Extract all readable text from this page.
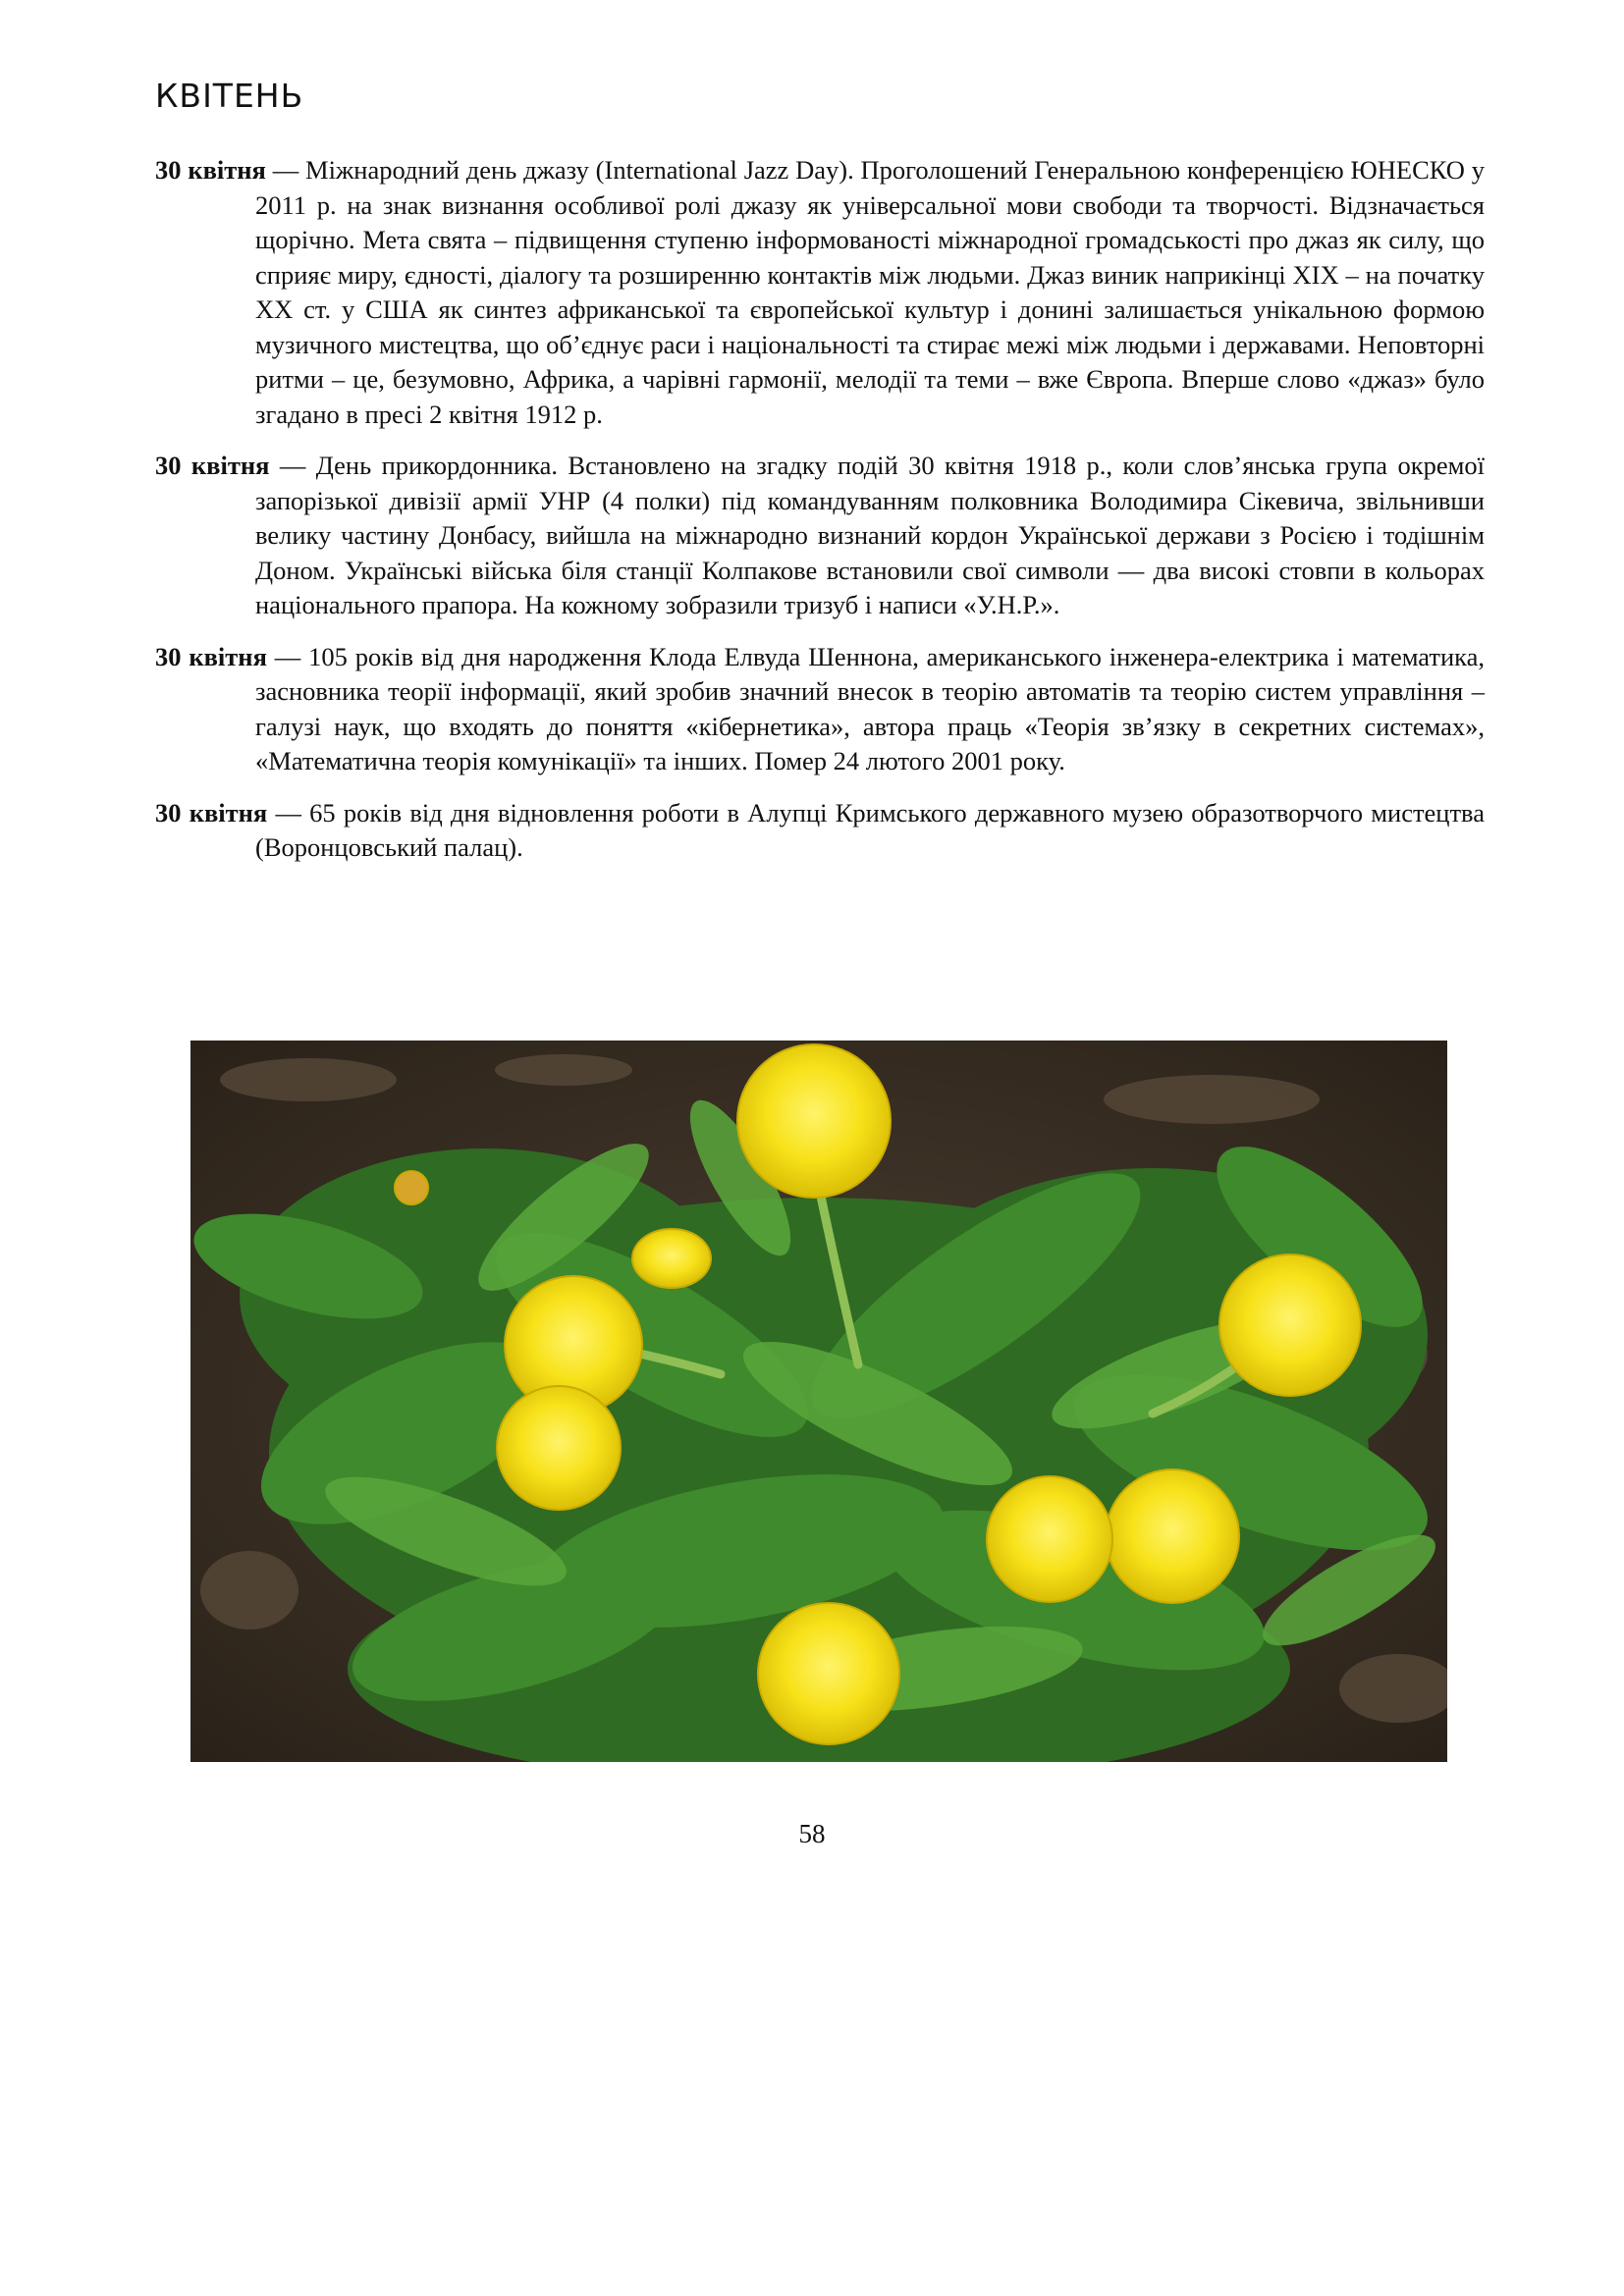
КВІТЕНЬ

30 квітня — Міжнародний день джазу (International Jazz Day). Проголошений Генеральною конференцією ЮНЕСКО у 2011 р. на знак визнання особливої ролі джазу як універсальної мови свободи та творчості. Відзначається щорічно. Мета свята – підвищення ступеню інформованості міжнародної громадськості про джаз як силу, що сприяє миру, єдності, діалогу та розширенню контактів між людьми. Джаз виник наприкінці ХІХ – на початку ХХ ст. у США як синтез африканської та європейської культур і донині залишається унікальною формою музичного мистецтва, що об’єднує раси і національності та стирає межі між людьми і державами. Неповторні ритми – це, безумовно, Африка, а чарівні гармонії, мелодії та теми – вже Європа. Вперше слово «джаз» було згадано в пресі 2 квітня 1912 р.

30 квітня — День прикордонника. Встановлено на згадку подій 30 квітня 1918 р., коли слов’янська група окремої запорізької дивізії армії УНР (4 полки) під командуванням полковника Володимира Сікевича, звільнивши велику частину Донбасу, вийшла на міжнародно визнаний кордон Української держави з Росією і тодішнім Доном. Українські війська біля станції Колпакове встановили свої символи — два високі стовпи в кольорах національного прапора. На кожному зобразили тризуб і написи «У.Н.Р.».

30 квітня — 105 років від дня народження Клода Елвуда Шеннона, американського інженера-електрика і математика, засновника теорії інформації, який зробив значний внесок в теорію автоматів та теорію систем управління – галузі наук, що входять до поняття «кібернетика», автора праць «Теорія зв’язку в секретних системах», «Математична теорія комунікації» та інших. Помер 24 лютого 2001 року.

30 квітня — 65 років від дня відновлення роботи в Алупці Кримського державного музею образотворчого мистецтва (Воронцовський палац).

58
